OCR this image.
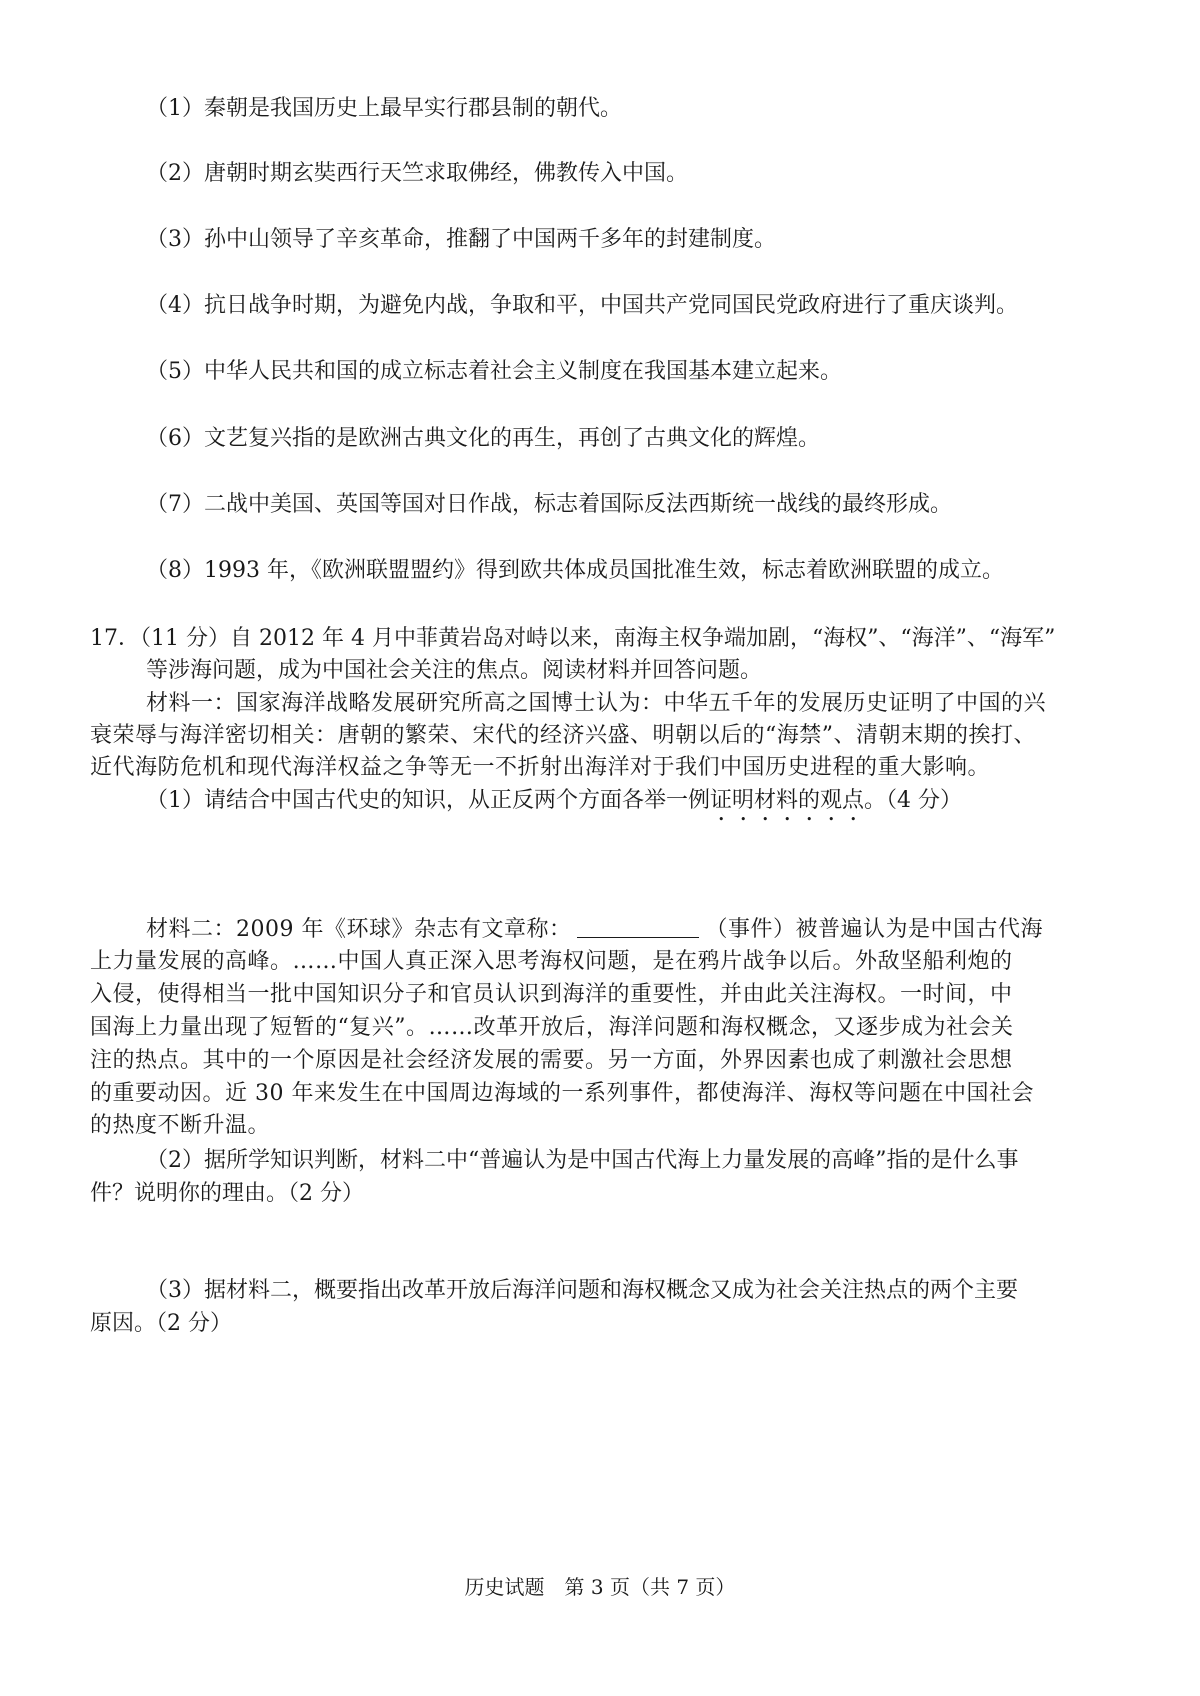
（1）秦朝是我国历史上最早实行郡县制的朝代。
（2）唐朝时期玄奘西行天竺求取佛经，佛教传入中国。
（3）孙中山领导了辛亥革命，推翻了中国两千多年的封建制度。
（4）抗日战争时期，为避免内战，争取和平，中国共产党同国民党政府进行了重庆谈判。
（5）中华人民共和国的成立标志着社会主义制度在我国基本建立起来。
（6）文艺复兴指的是欧洲古典文化的再生，再创了古典文化的辉煌。
（7）二战中美国、英国等国对日作战，标志着国际反法西斯统一战线的最终形成。
（8）1993 年，《欧洲联盟盟约》得到欧共体成员国批准生效，标志着欧洲联盟的成立。
17．（11 分）自 2012 年 4 月中菲黄岩岛对峙以来，南海主权争端加剧，“海权”、“海洋”、“海军”
等涉海问题，成为中国社会关注的焦点。阅读材料并回答问题。
材料一：国家海洋战略发展研究所高之国博士认为：中华五千年的发展历史证明了中国的兴
衰荣辱与海洋密切相关：唐朝的繁荣、宋代的经济兴盛、明朝以后的“海禁”、清朝末期的挨打、
近代海防危机和现代海洋权益之争等无一不折射出海洋对于我们中国历史进程的重大影响。
（1）请结合中国古代史的知识，从正反两个方面各举一例证明材料的观点。（4 分）
材料二：2009 年《环球》杂志有文章称：	（事件）被普遍认为是中国古代海
上力量发展的高峰。……中国人真正深入思考海权问题，是在鸦片战争以后。外敌坚船利炮的
入侵，使得相当一批中国知识分子和官员认识到海洋的重要性，并由此关注海权。一时间，中
国海上力量出现了短暂的“复兴”。……改革开放后，海洋问题和海权概念，又逐步成为社会关
注的热点。其中的一个原因是社会经济发展的需要。另一方面，外界因素也成了刺激社会思想
的重要动因。近 30 年来发生在中国周边海域的一系列事件，都使海洋、海权等问题在中国社会
的热度不断升温。
（2）据所学知识判断，材料二中“普遍认为是中国古代海上力量发展的高峰”指的是什么事
件？说明你的理由。（2 分）
（3）据材料二，概要指出改革开放后海洋问题和海权概念又成为社会关注热点的两个主要
原因。（2 分）
历史试题　第 3 页（共 7 页）
